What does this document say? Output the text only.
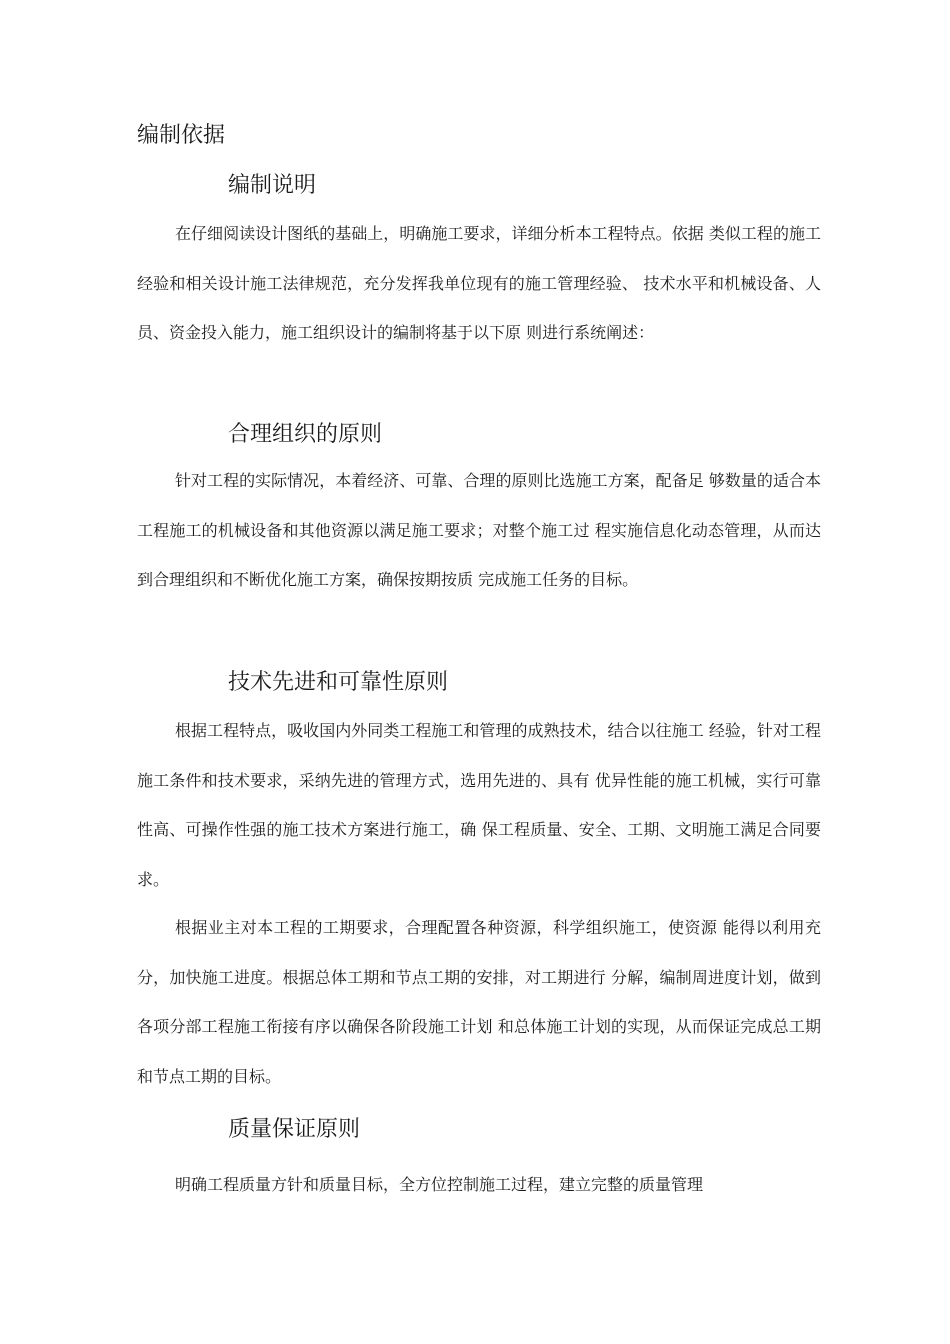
编制依据
编制说明

在仔细阅读设计图纸的基础上，明确施工要求，详细分析本工程特点。依据 类似工程的施工经验和相关设计施工法律规范，充分发挥我单位现有的施工管理经验、 技术水平和机械设备、人员、资金投入能力，施工组织设计的编制将基于以下原 则进行系统阐述：

合理组织的原则

针对工程的实际情况，本着经济、可靠、合理的原则比选施工方案，配备足 够数量的适合本工程施工的机械设备和其他资源以满足施工要求；对整个施工过 程实施信息化动态管理，从而达到合理组织和不断优化施工方案，确保按期按质 完成施工任务的目标。

技术先进和可靠性原则

根据工程特点，吸收国内外同类工程施工和管理的成熟技术，结合以往施工 经验，针对工程施工条件和技术要求，采纳先进的管理方式，选用先进的、具有 优异性能的施工机械，实行可靠性高、可操作性强的施工技术方案进行施工，确 保工程质量、安全、工期、文明施工满足合同要求。

根据业主对本工程的工期要求，合理配置各种资源，科学组织施工，使资源 能得以利用充分，加快施工进度。根据总体工期和节点工期的安排，对工期进行 分解，编制周进度计划，做到各项分部工程施工衔接有序以确保各阶段施工计划 和总体施工计划的实现，从而保证完成总工期和节点工期的目标。

质量保证原则

明确工程质量方针和质量目标，全方位控制施工过程，建立完整的质量管理
